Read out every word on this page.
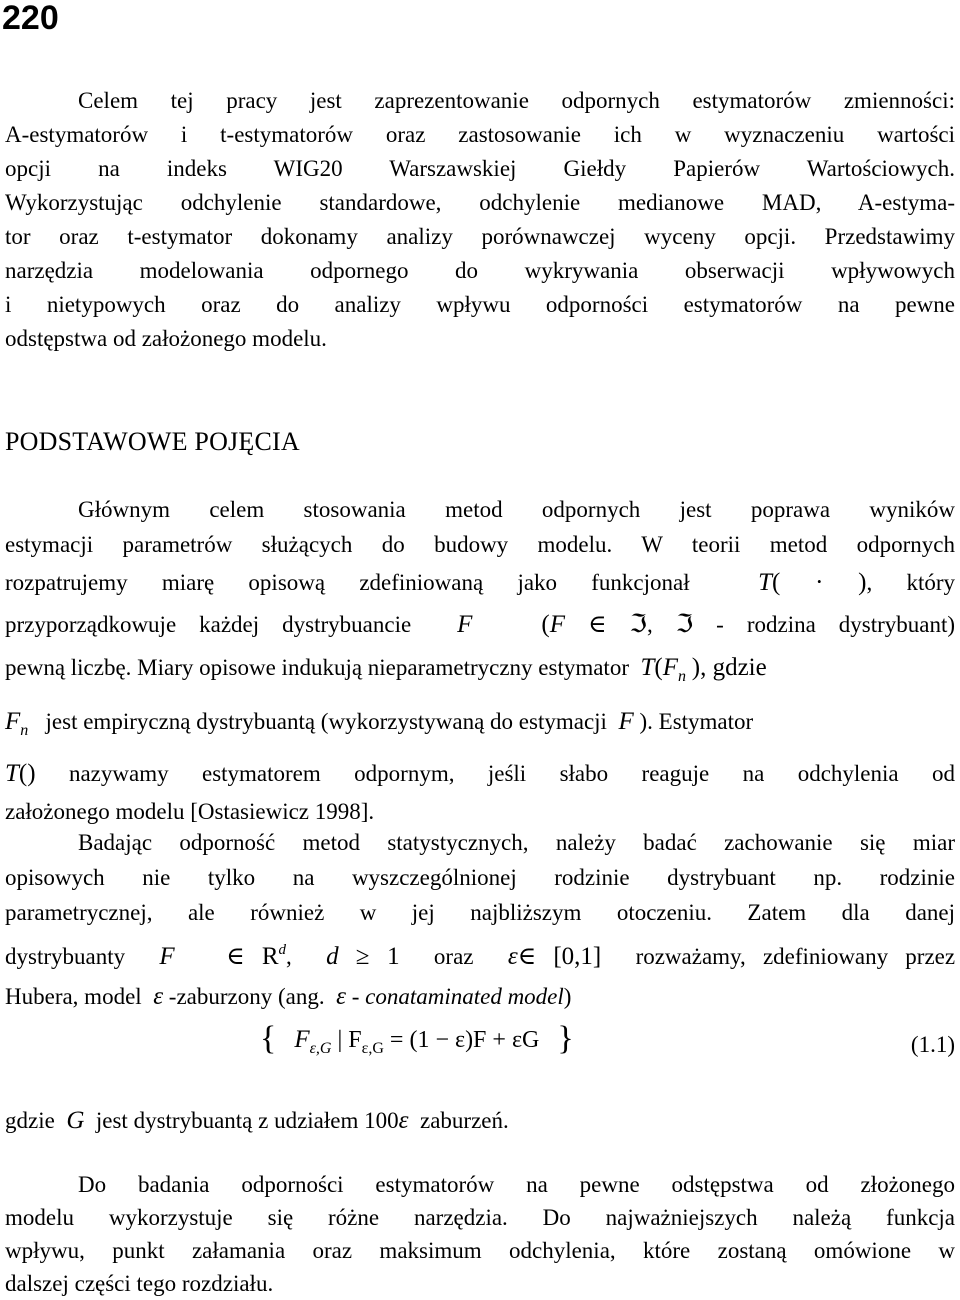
220
Celem tej pracy jest zaprezentowanie odpornych estymatorów zmienności:
A-estymatorów i t-estymatorów oraz zastosowanie ich w wyznaczeniu wartości
opcji na indeks WIG20 Warszawskiej Giełdy Papierów Wartościowych.
Wykorzystując odchylenie standardowe, odchylenie medianowe MAD, A-estyma-
tor oraz t-estymator dokonamy analizy porównawczej wyceny opcji. Przedstawimy
narzędzia modelowania odpornego do wykrywania obserwacji wpływowych
i nietypowych oraz do analizy wpływu odporności estymatorów na pewne
odstępstwa od założonego modelu.
PODSTAWOWE POJĘCIA
Głównym celem stosowania metod odpornych jest poprawa wyników
estymacji parametrów służących do budowy modelu. W teorii metod odpornych
rozpatrujemy miarę opisową zdefiniowaną jako funkcjonał	T( · ), który
przyporządkowuje każdej dystrybuancie F	(F ∈ ℑ, ℑ - rodzina dystrybuant)
pewną liczbę. Miary opisowe indukują nieparametryczny estymator $T(F_n$ ), gdzie
$F_n$ jest empiryczną dystrybuantą (wykorzystywaną do estymacji F ). Estymator
T() nazywamy estymatorem odpornym, jeśli słabo reaguje na odchylenia od
założonego modelu [Ostasiewicz 1998].
Badając odporność metod statystycznych, należy badać zachowanie się miar
opisowych nie tylko na wyszczególnionej rodzinie dystrybuant np. rodzinie
parametrycznej, ale również w jej najbliższym otoczeniu. Zatem dla danej
dystrybuanty F ∈ $R^d$, d ≥ 1 oraz ε∈ [0,1] rozważamy, zdefiniowany przez
Hubera, model ε -zaburzony (ang. ε - conataminated model)
{ $F_{\varepsilon,G}$ | $F_{\varepsilon,G} = (1 - \varepsilon)F + \varepsilon G$ }	(1.1)
gdzie G jest dystrybuantą z udziałem 100ε zaburzeń.
Do badania odporności estymatorów na pewne odstępstwa od złożonego
modelu wykorzystuje się różne narzędzia. Do najważniejszych należą funkcja
wpływu, punkt załamania oraz maksimum odchylenia, które zostaną omówione w
dalszej części tego rozdziału.
